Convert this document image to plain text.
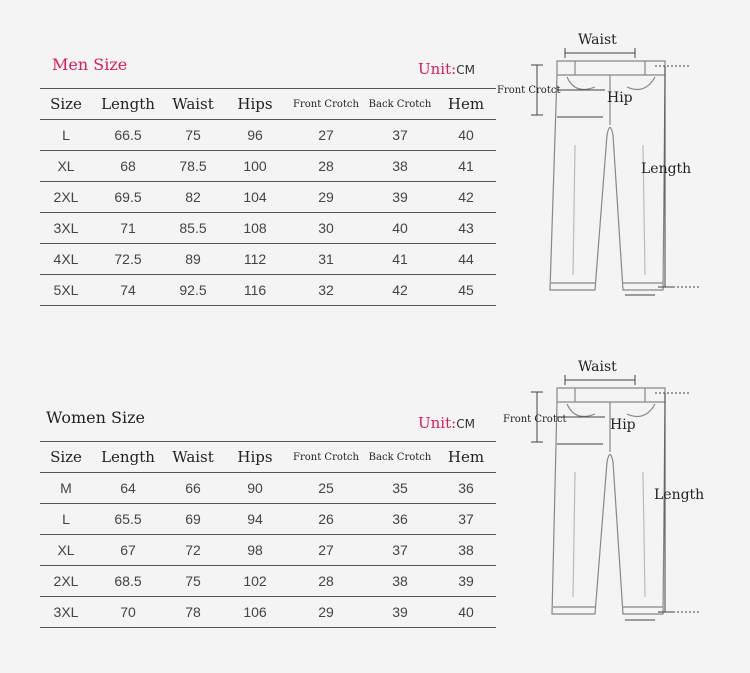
Men Size	Unit:CM
Size	Length	Waist	Hips	Front Crotch	Back Crotch	Hem
L	66.5	75	96	27	37	40
XL	68	78.5	100	28	38	41
2XL	69.5	82	104	29	39	42
3XL	71	85.5	108	30	40	43
4XL	72.5	89	112	31	41	44
5XL	74	92.5	116	32	42	45
Women Size	Unit:CM
Size	Length	Waist	Hips	Front Crotch	Back Crotch	Hem
M	64	66	90	25	35	36
L	65.5	69	94	26	36	37
XL	67	72	98	27	37	38
2XL	68.5	75	102	28	38	39
3XL	70	78	106	29	39	40
Waist
Front Crotct	Hip
Length
Waist
Front Crotct	Hip
Length
